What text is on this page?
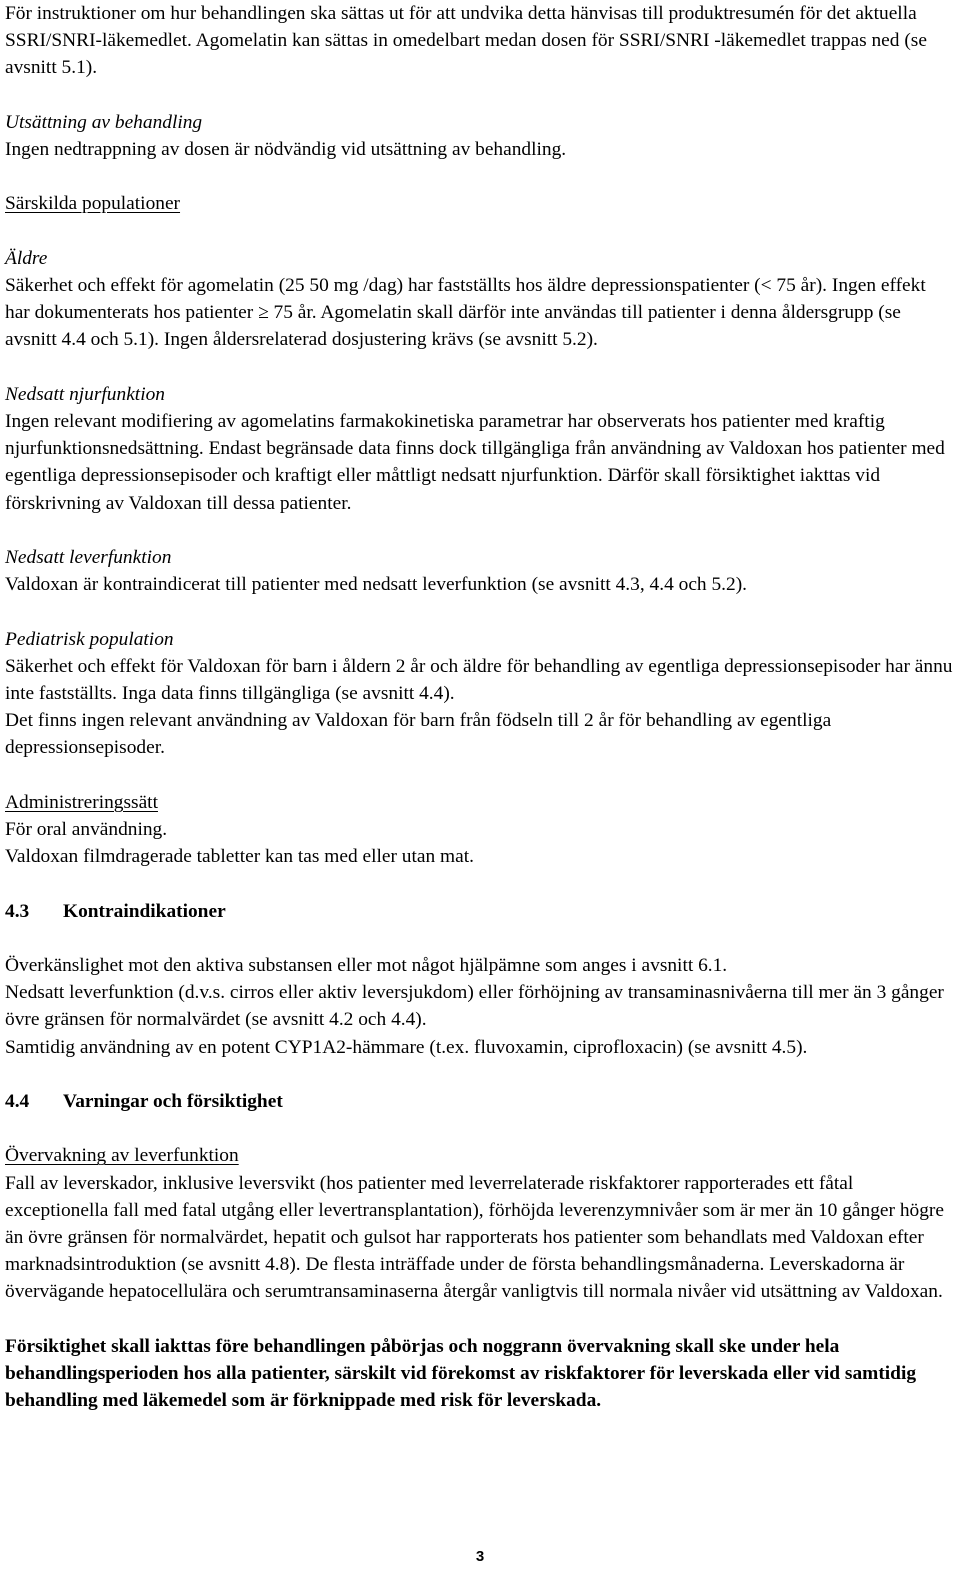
För instruktioner om hur behandlingen ska sättas ut för att undvika detta hänvisas till produktresumén för det aktuella SSRI/SNRI-läkemedlet. Agomelatin kan sättas in omedelbart medan dosen för SSRI/SNRI -läkemedlet trappas ned (se avsnitt 5.1).

Utsättning av behandling

Ingen nedtrappning av dosen är nödvändig vid utsättning av behandling.

Särskilda populationer

Äldre

Säkerhet och effekt för agomelatin (25 50 mg /dag) har fastställts hos äldre depressionspatienter (< 75 år). Ingen effekt har dokumenterats hos patienter ≥ 75 år. Agomelatin skall därför inte användas till patienter i denna åldersgrupp (se avsnitt 4.4 och 5.1). Ingen åldersrelaterad dosjustering krävs (se avsnitt 5.2).

Nedsatt njurfunktion

Ingen relevant modifiering av agomelatins farmakokinetiska parametrar har observerats hos patienter med kraftig njurfunktionsnedsättning. Endast begränsade data finns dock tillgängliga från användning av Valdoxan hos patienter med egentliga depressionsepisoder och kraftigt eller måttligt nedsatt njurfunktion. Därför skall försiktighet iakttas vid förskrivning av Valdoxan till dessa patienter.

Nedsatt leverfunktion

Valdoxan är kontraindicerat till patienter med nedsatt leverfunktion (se avsnitt 4.3, 4.4 och 5.2).

Pediatrisk population

Säkerhet och effekt för Valdoxan för barn i åldern 2 år och äldre för behandling av egentliga depressionsepisoder har ännu inte fastställts. Inga data finns tillgängliga (se avsnitt 4.4).

Det finns ingen relevant användning av Valdoxan för barn från födseln till 2 år för behandling av egentliga depressionsepisoder.

Administreringssätt

För oral användning.

Valdoxan filmdragerade tabletter kan tas med eller utan mat.

4.3	Kontraindikationer

Överkänslighet mot den aktiva substansen eller mot något hjälpämne som anges i avsnitt 6.1.

Nedsatt leverfunktion (d.v.s. cirros eller aktiv leversjukdom) eller förhöjning av transaminasnivåerna till mer än 3 gånger övre gränsen för normalvärdet (se avsnitt 4.2 och 4.4).

Samtidig användning av en potent CYP1A2-hämmare (t.ex. fluvoxamin, ciprofloxacin) (se avsnitt 4.5).

4.4	Varningar och försiktighet

Övervakning av leverfunktion

Fall av leverskador, inklusive leversvikt (hos patienter med leverrelaterade riskfaktorer rapporterades ett fåtal exceptionella fall med fatal utgång eller levertransplantation), förhöjda leverenzymnivåer som är mer än 10 gånger högre än övre gränsen för normalvärdet, hepatit och gulsot har rapporterats hos patienter som behandlats med Valdoxan efter marknadsintroduktion (se avsnitt 4.8). De flesta inträffade under de första behandlingsmånaderna. Leverskadorna är övervägande hepatocellulära och serumtransaminaserna återgår vanligtvis till normala nivåer vid utsättning av Valdoxan.

Försiktighet skall iakttas före behandlingen påbörjas och noggrann övervakning skall ske under hela behandlingsperioden hos alla patienter, särskilt vid förekomst av riskfaktorer för leverskada eller vid samtidig behandling med läkemedel som är förknippade med risk för leverskada.

3
